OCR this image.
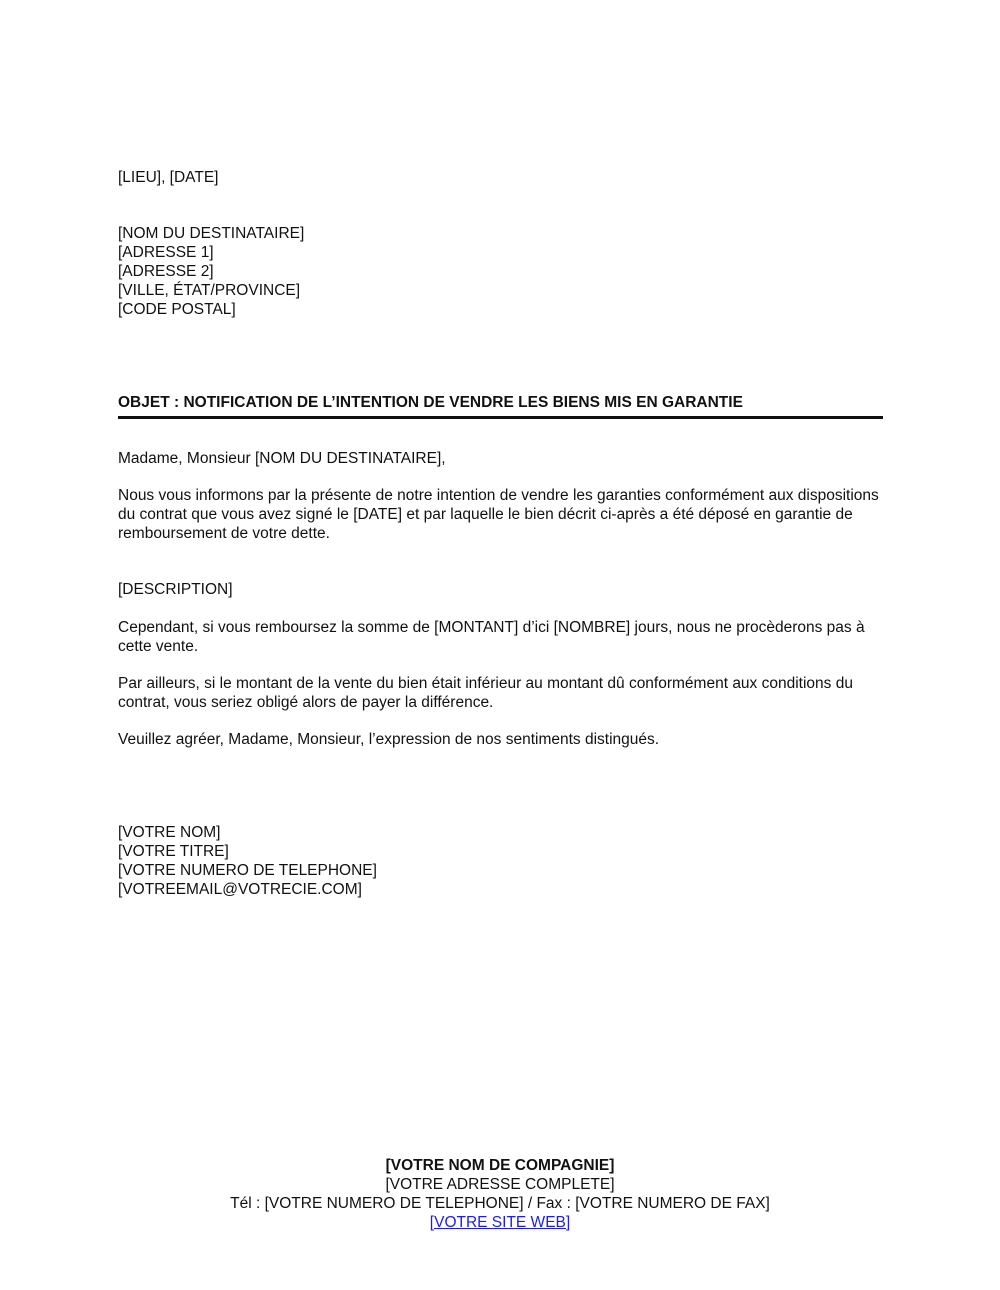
[LIEU], [DATE]
[NOM DU DESTINATAIRE]
[ADRESSE 1]
[ADRESSE 2]
[VILLE, ÉTAT/PROVINCE]
[CODE POSTAL]
OBJET : NOTIFICATION DE L’INTENTION DE VENDRE LES BIENS MIS EN GARANTIE
Madame, Monsieur [NOM DU DESTINATAIRE],
Nous vous informons par la présente de notre intention de vendre les garanties conformément aux dispositions du contrat que vous avez signé le [DATE] et par laquelle le bien décrit ci-après a été déposé en garantie de remboursement de votre dette.
[DESCRIPTION]
Cependant, si vous remboursez la somme de [MONTANT] d’ici [NOMBRE] jours, nous ne procèderons pas à cette vente.
Par ailleurs, si le montant de la vente du bien était inférieur au montant dû conformément aux conditions du contrat, vous seriez obligé alors de payer la différence.
Veuillez agréer, Madame, Monsieur, l’expression de nos sentiments distingués.
[VOTRE NOM]
[VOTRE TITRE]
[VOTRE NUMERO DE TELEPHONE]
[VOTREEMAIL@VOTRECIE.COM]
[VOTRE NOM DE COMPAGNIE]
[VOTRE ADRESSE COMPLETE]
Tél : [VOTRE NUMERO DE TELEPHONE] / Fax : [VOTRE NUMERO DE FAX]
[VOTRE SITE WEB]
